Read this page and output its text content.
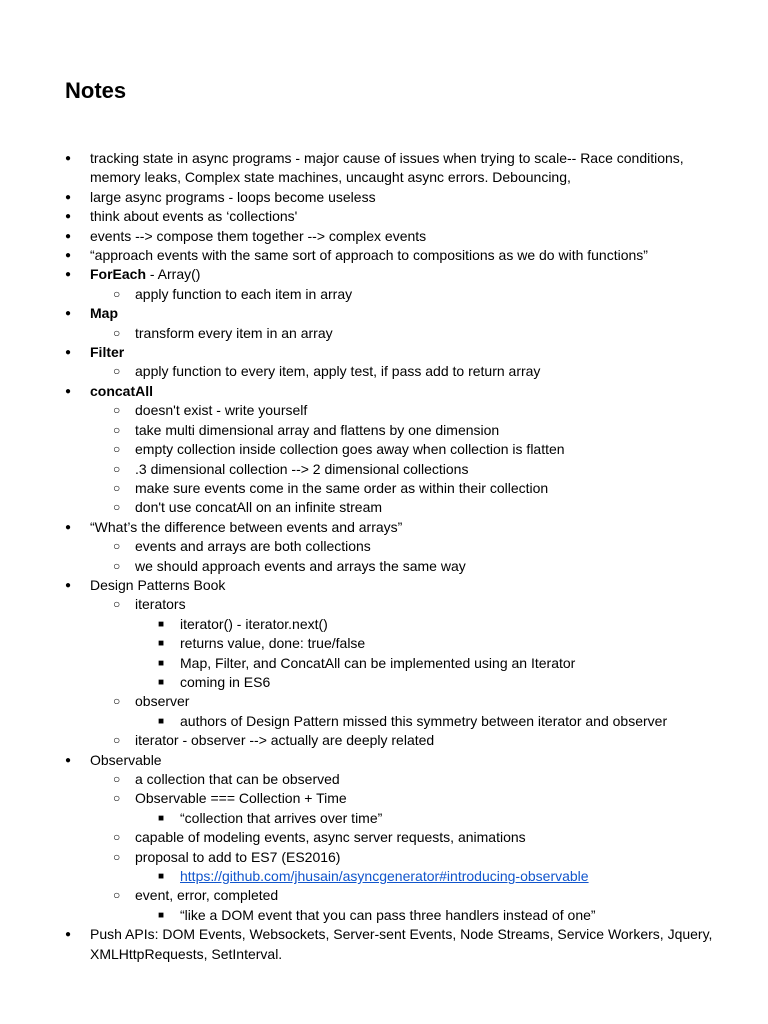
Notes
● tracking state in async programs - major cause of issues when trying to scale-- Race conditions, memory leaks, Complex state machines, uncaught async errors. Debouncing,
● large async programs - loops become useless
● think about events as ‘collections'
● events --> compose them together --> complex events
● “approach events with the same sort of approach to compositions as we do with functions”
● ForEach - Array()
○ apply function to each item in array
● Map
○ transform every item in an array
● Filter
○ apply function to every item, apply test, if pass add to return array
● concatAll
○ doesn't exist - write yourself
○ take multi dimensional array and flattens by one dimension
○ empty collection inside collection goes away when collection is flatten
○ .3 dimensional collection --> 2 dimensional collections
○ make sure events come in the same order as within their collection
○ don't use concatAll on an infinite stream
● “What’s the difference between events and arrays”
○ events and arrays are both collections
○ we should approach events and arrays the same way
● Design Patterns Book
○ iterators
■ iterator() - iterator.next()
■ returns value, done: true/false
■ Map, Filter, and ConcatAll can be implemented using an Iterator
■ coming in ES6
○ observer
■ authors of Design Pattern missed this symmetry between iterator and observer
○ iterator - observer --> actually are deeply related
● Observable
○ a collection that can be observed
○ Observable === Collection + Time
■ “collection that arrives over time”
○ capable of modeling events, async server requests, animations
○ proposal to add to ES7 (ES2016)
■ https://github.com/jhusain/asyncgenerator#introducing-observable
○ event, error, completed
■ “like a DOM event that you can pass three handlers instead of one”
● Push APIs: DOM Events, Websockets, Server-sent Events, Node Streams, Service Workers, Jquery, XMLHttpRequests, SetInterval.
